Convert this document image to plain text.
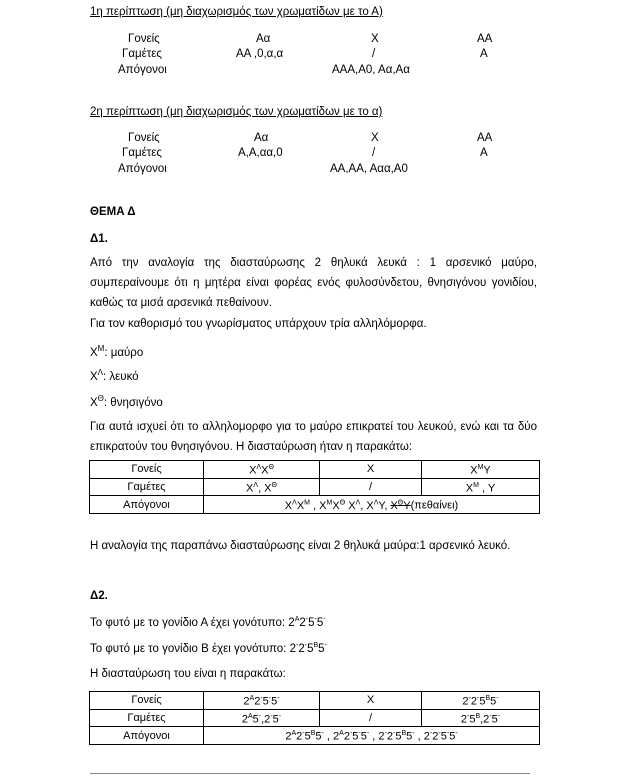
1η περίπτωση (μη διαχωρισμός των χρωματίδων με το Α)
Γονείς	Αα	Χ	ΑΑ
Γαμέτες	ΑΑ ,0,α,α	/	Α
Απόγονοι	ΑΑΑ,Α0, Αα,Αα
2η περίπτωση (μη διαχωρισμός των χρωματίδων με το α)
Γονείς	Αα	Χ	ΑΑ
Γαμέτες	Α,Α,αα,0	/	Α
Απόγονοι	ΑΑ,ΑΑ, Ααα,Α0
ΘΕΜΑ Δ
Δ1.
Από την αναλογία της διασταύρωσης 2 θηλυκά λευκά : 1 αρσενικό μαύρο, συμπεραίνουμε ότι η μητέρα είναι φορέας ενός φυλοσύνδετου, θνησιγόνου γονιδίου, καθώς τα μισά αρσενικά πεθαίνουν.
Για τον καθορισμό του γνωρίσματος υπάρχουν τρία αλληλόμορφα.
$X^M$: μαύρο
$X^\Lambda$: λευκό
$X^\Theta$: θνησιγόνο
Για αυτά ισχυεί ότι το αλληλομορφο για το μαύρο επικρατεί του λευκού, ενώ και τα δύο επικρατούν του θνησιγόνου. Η διασταύρωση ήταν η παρακάτω:
Γονείς	$X^\Lambda X^\Theta$	X	$X^MY$
Γαμέτες	$X^\Lambda$, $X^\Theta$	/	$X^M$ , Y
Απόγονοι	$X^\Lambda X^M$ , $X^MX^\Theta$ $X^\Lambda$, $X^\Lambda Y$, $X^\Theta Y(\pi\varepsilon\theta\alpha ί\nu\varepsilon\iota)$		
Η αναλογία της παραπάνω διασταύρωσης είναι 2 θηλυκά μαύρα:1 αρσενικό λευκό.
Δ2.
Το φυτό με το γονίδιο Α έχει γονότυπο: $2^A2^-5^-5^-$
Το φυτό με το γονίδιο Β έχει γονότυπο: $2^-2^-5^B5^-$
Η διασταύρωση του είναι η παρακάτω:
Γονείς	$2^A2^-5^-5^-$	X	$2^-2^-5^B5^-$
Γαμέτες	$2^A5^-,2^-5^-$	/	$2^-5^B,2^-5^-$
Απόγονοι	$2^A2^-5^B5^-$ , $2^A2^-5^-5^-$ , $2^-2^-5^B5^-$ , 2-2-5-5-
